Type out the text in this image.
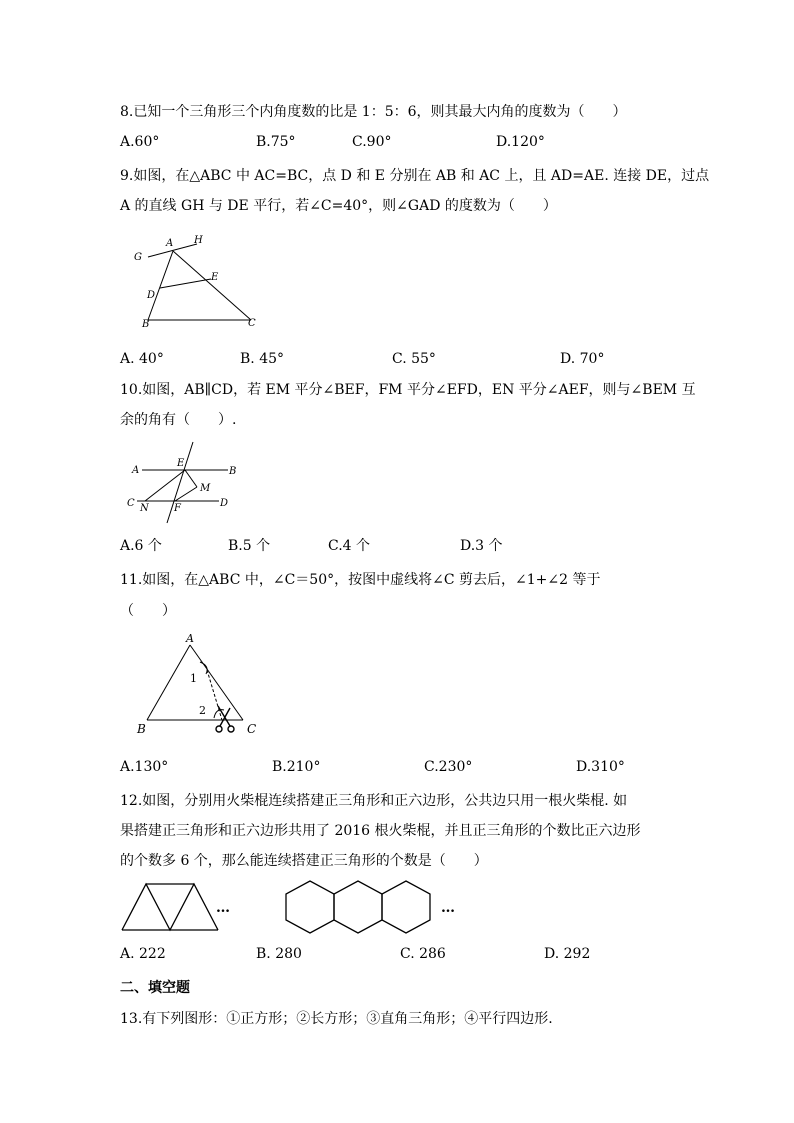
8.已知一个三角形三个内角度数的比是 1：5：6，则其最大内角的度数为（　　）
A.60°	B.75°	C.90°	D.120°
9.如图，在△ABC 中 AC=BC，点 D 和 E 分别在 AB 和 AC 上，且 AD=AE. 连接 DE，过点
A 的直线 GH 与 DE 平行，若∠C=40°，则∠GAD 的度数为（　　）
G
A H
E
D
B	C
A. 40°	B. 45°	C. 55°	D. 70°
10.如图，AB∥CD，若 EM 平分∠BEF，FM 平分∠EFD，EN 平分∠AEF，则与∠BEM 互
余的角有（　　）.
A
E
B
M
C N	F	D
A.6 个	B.5 个	C.4 个	D.3 个
11.如图，在△ABC 中，∠C＝50°，按图中虚线将∠C 剪去后，∠1+∠2 等于
（　　）
A
1
2
B	C
A.130°	B.210°	C.230°	D.310°
12.如图，分别用火柴棍连续搭建正三角形和正六边形，公共边只用一根火柴棍. 如
果搭建正三角形和正六边形共用了 2016 根火柴棍，并且正三角形的个数比正六边形
的个数多 6 个，那么能连续搭建正三角形的个数是（　　）
…	…
A. 222	B. 280	C. 286	D. 292
二、填空题
13.有下列图形：①正方形；②长方形；③直角三角形；④平行四边形.
